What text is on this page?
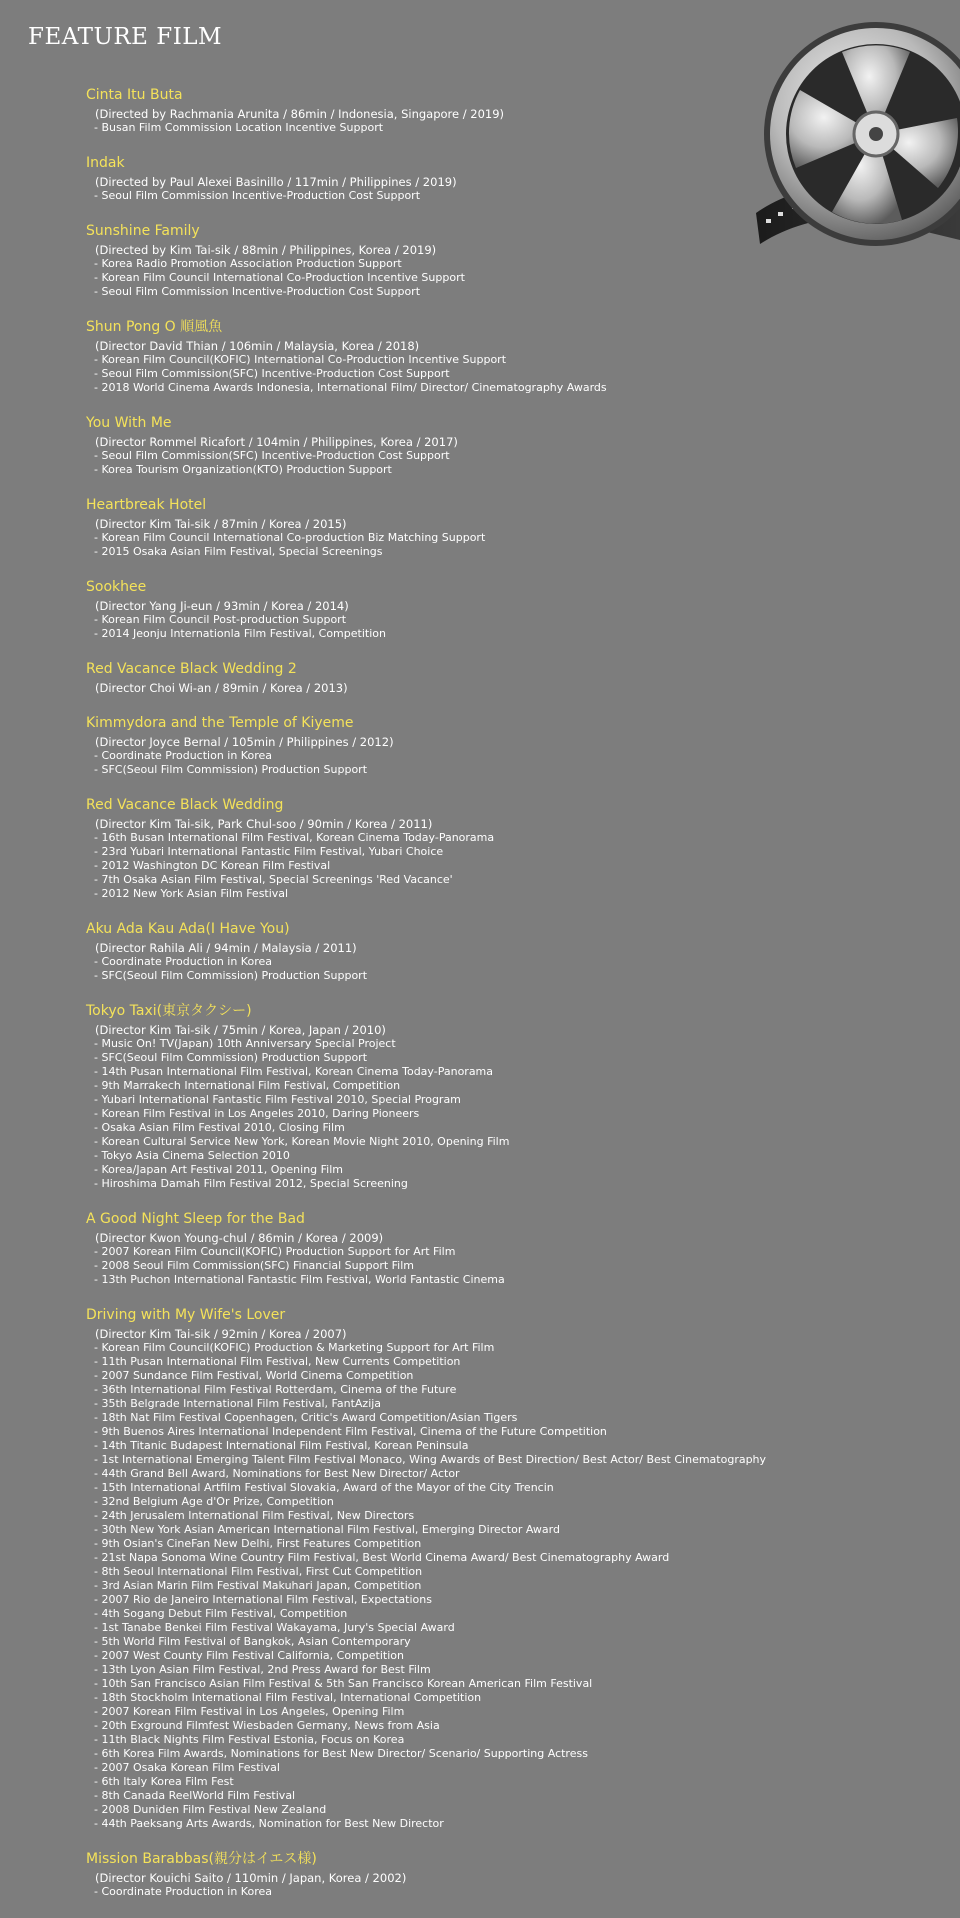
FEATURE FILM
Cinta Itu Buta
(Directed by Rachmania Arunita / 86min / Indonesia, Singapore / 2019)
- Busan Film Commission Location Incentive Support
Indak
(Directed by Paul Alexei Basinillo / 117min / Philippines / 2019)
- Seoul Film Commission Incentive-Production Cost Support
Sunshine Family
(Directed by Kim Tai-sik / 88min / Philippines, Korea / 2019)
- Korea Radio Promotion Association Production Support
- Korean Film Council International Co-Production Incentive Support
- Seoul Film Commission Incentive-Production Cost Support
Shun Pong O 順風魚
(Director David Thian / 106min / Malaysia, Korea / 2018)
- Korean Film Council(KOFIC) International Co-Production Incentive Support
- Seoul Film Commission(SFC) Incentive-Production Cost Support
- 2018 World Cinema Awards Indonesia, International Film/ Director/ Cinematography Awards
You With Me
(Director Rommel Ricafort / 104min / Philippines, Korea / 2017)
- Seoul Film Commission(SFC) Incentive-Production Cost Support
- Korea Tourism Organization(KTO) Production Support
Heartbreak Hotel
(Director Kim Tai-sik / 87min / Korea / 2015)
- Korean Film Council International Co-production Biz Matching Support
- 2015 Osaka Asian Film Festival, Special Screenings
Sookhee
(Director Yang Ji-eun / 93min / Korea / 2014)
- Korean Film Council Post-production Support
- 2014 Jeonju Internationla Film Festival, Competition
Red Vacance Black Wedding 2
(Director Choi Wi-an / 89min / Korea / 2013)
Kimmydora and the Temple of Kiyeme
(Director Joyce Bernal / 105min / Philippines / 2012)
- Coordinate Production in Korea
- SFC(Seoul Film Commission) Production Support
Red Vacance Black Wedding
(Director Kim Tai-sik, Park Chul-soo / 90min / Korea / 2011)
- 16th Busan International Film Festival, Korean Cinema Today-Panorama
- 23rd Yubari International Fantastic Film Festival, Yubari Choice
- 2012 Washington DC Korean Film Festival
- 7th Osaka Asian Film Festival, Special Screenings 'Red Vacance'
- 2012 New York Asian Film Festival
Aku Ada Kau Ada(I Have You)
(Director Rahila Ali / 94min / Malaysia / 2011)
- Coordinate Production in Korea
- SFC(Seoul Film Commission) Production Support
Tokyo Taxi(東京タクシー)
(Director Kim Tai-sik / 75min / Korea, Japan / 2010)
- Music On! TV(Japan) 10th Anniversary Special Project
- SFC(Seoul Film Commission) Production Support
- 14th Pusan International Film Festival, Korean Cinema Today-Panorama
- 9th Marrakech International Film Festival, Competition
- Yubari International Fantastic Film Festival 2010, Special Program
- Korean Film Festival in Los Angeles 2010, Daring Pioneers
- Osaka Asian Film Festival 2010, Closing Film
- Korean Cultural Service New York, Korean Movie Night 2010, Opening Film
- Tokyo Asia Cinema Selection 2010
- Korea/Japan Art Festival 2011, Opening Film
- Hiroshima Damah Film Festival 2012, Special Screening
A Good Night Sleep for the Bad
(Director Kwon Young-chul / 86min / Korea / 2009)
- 2007 Korean Film Council(KOFIC) Production Support for Art Film
- 2008 Seoul Film Commission(SFC) Financial Support Film
- 13th Puchon International Fantastic Film Festival, World Fantastic Cinema
Driving with My Wife's Lover
(Director Kim Tai-sik / 92min / Korea / 2007)
- Korean Film Council(KOFIC) Production & Marketing Support for Art Film
- 11th Pusan International Film Festival, New Currents Competition
- 2007 Sundance Film Festival, World Cinema Competition
- 36th International Film Festival Rotterdam, Cinema of the Future
- 35th Belgrade International Film Festival, FantAzija
- 18th Nat Film Festival Copenhagen, Critic's Award Competition/Asian Tigers
- 9th Buenos Aires International Independent Film Festival, Cinema of the Future Competition
- 14th Titanic Budapest International Film Festival, Korean Peninsula
- 1st International Emerging Talent Film Festival Monaco, Wing Awards of Best Direction/ Best Actor/ Best Cinematography
- 44th Grand Bell Award, Nominations for Best New Director/ Actor
- 15th International Artfilm Festival Slovakia, Award of the Mayor of the City Trencin
- 32nd Belgium Age d'Or Prize, Competition
- 24th Jerusalem International Film Festival, New Directors
- 30th New York Asian American International Film Festival, Emerging Director Award
- 9th Osian's CineFan New Delhi, First Features Competition
- 21st Napa Sonoma Wine Country Film Festival, Best World Cinema Award/ Best Cinematography Award
- 8th Seoul International Film Festival, First Cut Competition
- 3rd Asian Marin Film Festival Makuhari Japan, Competition
- 2007 Rio de Janeiro International Film Festival, Expectations
- 4th Sogang Debut Film Festival, Competition
- 1st Tanabe Benkei Film Festival Wakayama, Jury's Special Award
- 5th World Film Festival of Bangkok, Asian Contemporary
- 2007 West County Film Festival California, Competition
- 13th Lyon Asian Film Festival, 2nd Press Award for Best Film
- 10th San Francisco Asian Film Festival & 5th San Francisco Korean American Film Festival
- 18th Stockholm International Film Festival, International Competition
- 2007 Korean Film Festival in Los Angeles, Opening Film
- 20th Exground Filmfest Wiesbaden Germany, News from Asia
- 11th Black Nights Film Festival Estonia, Focus on Korea
- 6th Korea Film Awards, Nominations for Best New Director/ Scenario/ Supporting Actress
- 2007 Osaka Korean Film Festival
- 6th Italy Korea Film Fest
- 8th Canada ReelWorld Film Festival
- 2008 Duniden Film Festival New Zealand
- 44th Paeksang Arts Awards, Nomination for Best New Director
Mission Barabbas(親分はイエス様)
(Director Kouichi Saito / 110min / Japan, Korea / 2002)
- Coordinate Production in Korea
